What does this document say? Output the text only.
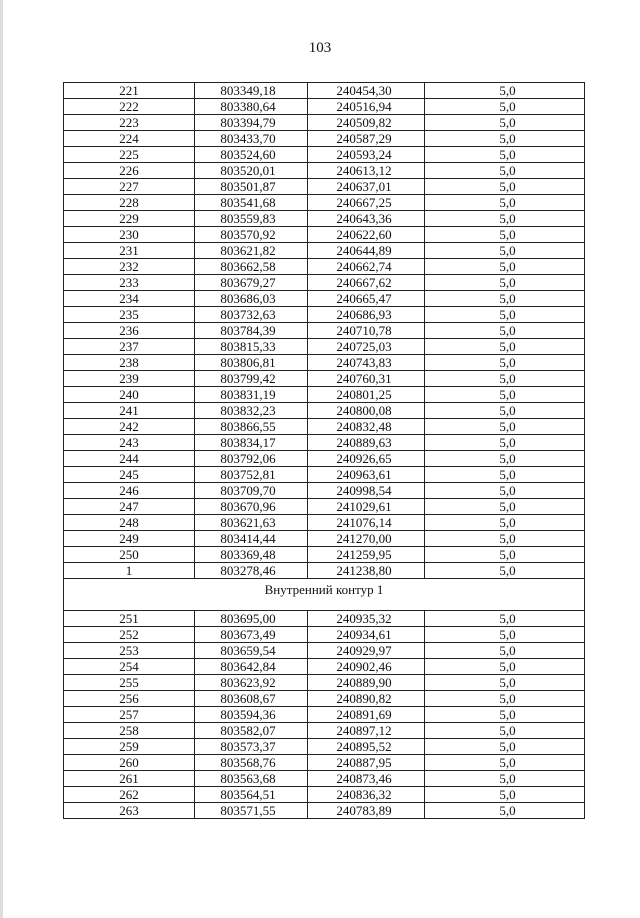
103
221	803349,18	240454,30	5,0
222	803380,64	240516,94	5,0
223	803394,79	240509,82	5,0
224	803433,70	240587,29	5,0
225	803524,60	240593,24	5,0
226	803520,01	240613,12	5,0
227	803501,87	240637,01	5,0
228	803541,68	240667,25	5,0
229	803559,83	240643,36	5,0
230	803570,92	240622,60	5,0
231	803621,82	240644,89	5,0
232	803662,58	240662,74	5,0
233	803679,27	240667,62	5,0
234	803686,03	240665,47	5,0
235	803732,63	240686,93	5,0
236	803784,39	240710,78	5,0
237	803815,33	240725,03	5,0
238	803806,81	240743,83	5,0
239	803799,42	240760,31	5,0
240	803831,19	240801,25	5,0
241	803832,23	240800,08	5,0
242	803866,55	240832,48	5,0
243	803834,17	240889,63	5,0
244	803792,06	240926,65	5,0
245	803752,81	240963,61	5,0
246	803709,70	240998,54	5,0
247	803670,96	241029,61	5,0
248	803621,63	241076,14	5,0
249	803414,44	241270,00	5,0
250	803369,48	241259,95	5,0
1	803278,46	241238,80	5,0
Внутренний контур 1			
251	803695,00	240935,32	5,0
252	803673,49	240934,61	5,0
253	803659,54	240929,97	5,0
254	803642,84	240902,46	5,0
255	803623,92	240889,90	5,0
256	803608,67	240890,82	5,0
257	803594,36	240891,69	5,0
258	803582,07	240897,12	5,0
259	803573,37	240895,52	5,0
260	803568,76	240887,95	5,0
261	803563,68	240873,46	5,0
262	803564,51	240836,32	5,0
263	803571,55	240783,89	5,0
